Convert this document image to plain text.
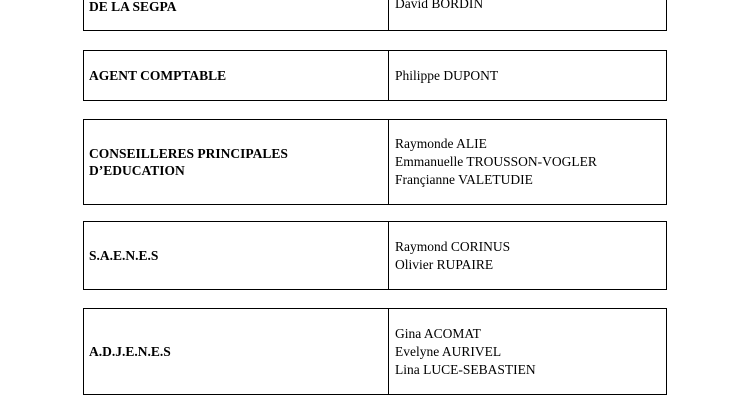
DE LA SEGPA	David BORDIN
AGENT COMPTABLE	Philippe DUPONT
CONSEILLERES PRINCIPALES
D’EDUCATION
Raymonde ALIE
Emmanuelle TROUSSON-VOGLER
Françianne VALETUDIE
S.A.E.N.E.S
Raymond CORINUS
Olivier RUPAIRE
A.D.J.E.N.E.S
Gina ACOMAT
Evelyne AURIVEL
Lina LUCE-SEBASTIEN
